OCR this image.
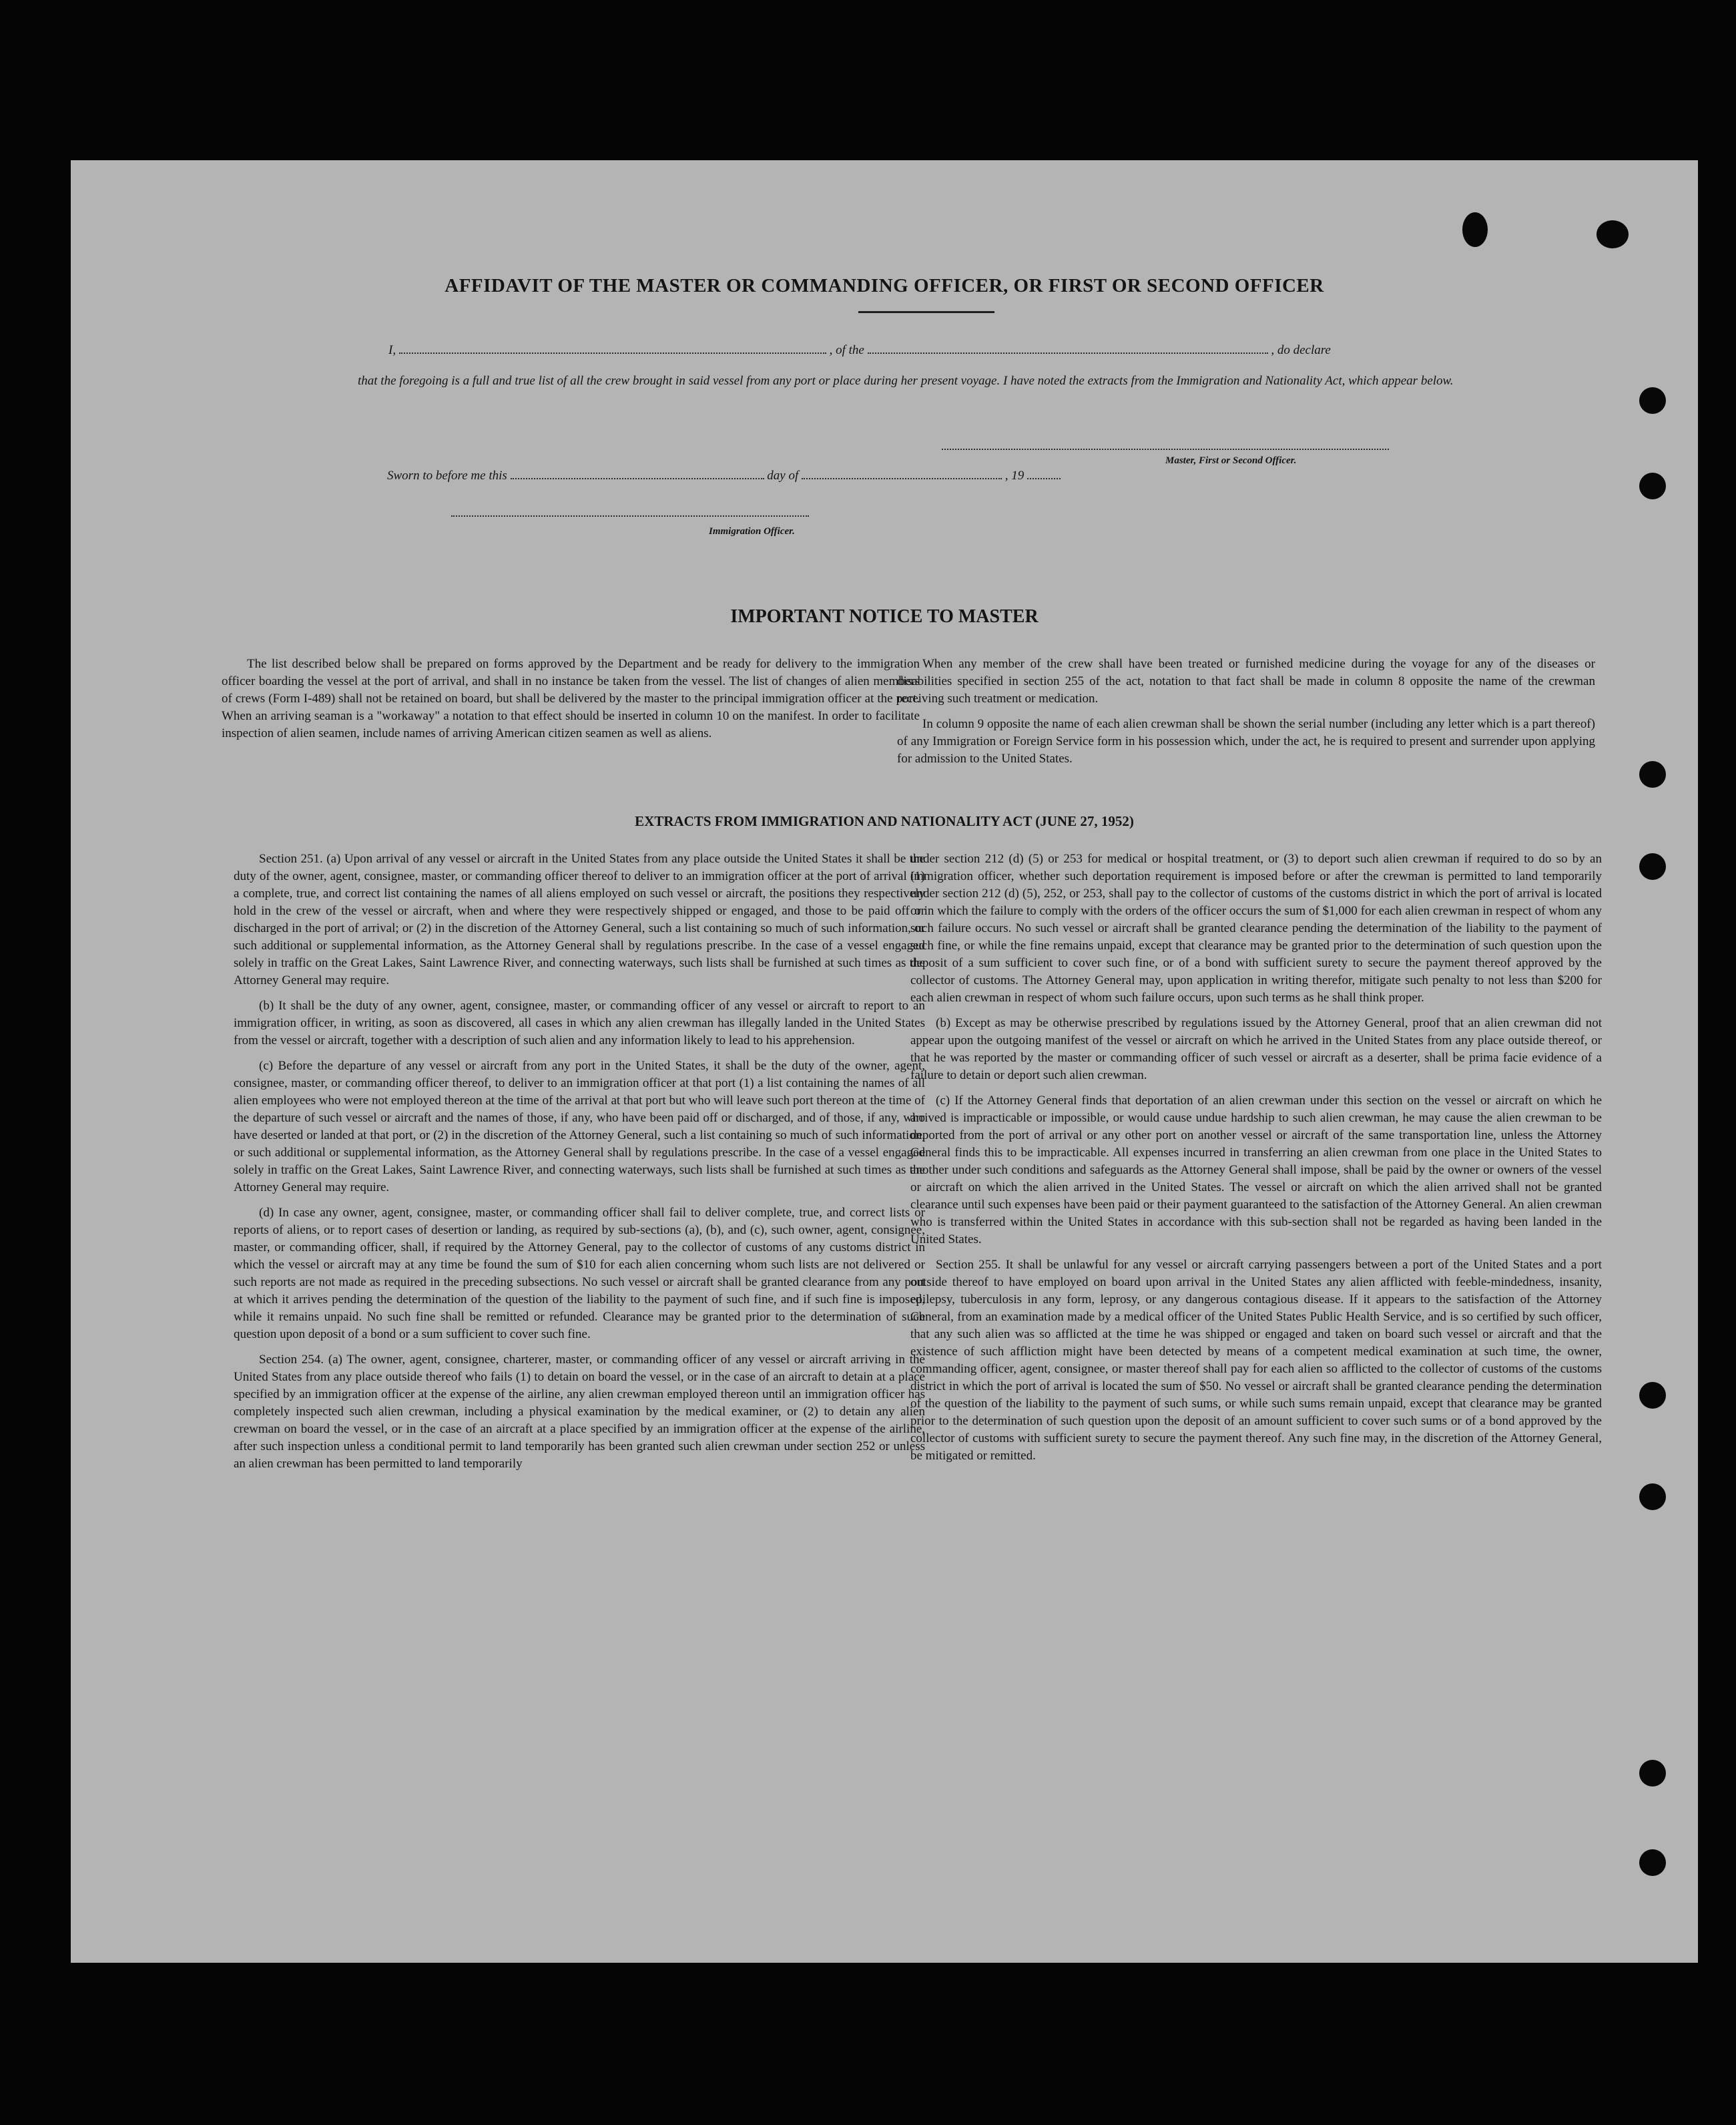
AFFIDAVIT OF THE MASTER OR COMMANDING OFFICER, OR FIRST OR SECOND OFFICER
I,	, of the	, do declare
that the foregoing is a full and true list of all the crew brought in said vessel from any port or place during her present voyage. I have noted the extracts from the Immigration and Nationality Act, which appear below.
Master, First or Second Officer.
Sworn to before me this	day of	, 19
Immigration Officer.
IMPORTANT NOTICE TO MASTER

The list described below shall be prepared on forms approved by the Department and be ready for delivery to the immigration officer boarding the vessel at the port of arrival, and shall in no instance be taken from the vessel. The list of changes of alien members of crews (Form I-489) shall not be retained on board, but shall be delivered by the master to the principal immigration officer at the port. When an arriving seaman is a "workaway" a notation to that effect should be inserted in column 10 on the manifest. In order to facilitate inspection of alien seamen, include names of arriving American citizen seamen as well as aliens.

When any member of the crew shall have been treated or furnished medicine during the voyage for any of the diseases or disabilities specified in section 255 of the act, notation to that fact shall be made in column 8 opposite the name of the crewman receiving such treatment or medication.

In column 9 opposite the name of each alien crewman shall be shown the serial number (including any letter which is a part thereof) of any Immigration or Foreign Service form in his possession which, under the act, he is required to present and surrender upon applying for admission to the United States.

EXTRACTS FROM IMMIGRATION AND NATIONALITY ACT (JUNE 27, 1952)

Section 251. (a) Upon arrival of any vessel or aircraft in the United States from any place outside the United States it shall be the duty of the owner, agent, consignee, master, or commanding officer thereof to deliver to an immigration officer at the port of arrival (1) a complete, true, and correct list containing the names of all aliens employed on such vessel or aircraft, the positions they respectively hold in the crew of the vessel or aircraft, when and where they were respectively shipped or engaged, and those to be paid off or discharged in the port of arrival; or (2) in the discretion of the Attorney General, such a list containing so much of such information, or such additional or supplemental information, as the Attorney General shall by regulations prescribe. In the case of a vessel engaged solely in traffic on the Great Lakes, Saint Lawrence River, and connecting waterways, such lists shall be furnished at such times as the Attorney General may require.

(b) It shall be the duty of any owner, agent, consignee, master, or commanding officer of any vessel or aircraft to report to an immigration officer, in writing, as soon as discovered, all cases in which any alien crewman has illegally landed in the United States from the vessel or aircraft, together with a description of such alien and any information likely to lead to his apprehension.

(c) Before the departure of any vessel or aircraft from any port in the United States, it shall be the duty of the owner, agent, consignee, master, or commanding officer thereof, to deliver to an immigration officer at that port (1) a list containing the names of all alien employees who were not employed thereon at the time of the arrival at that port but who will leave such port thereon at the time of the departure of such vessel or aircraft and the names of those, if any, who have been paid off or discharged, and of those, if any, who have deserted or landed at that port, or (2) in the discretion of the Attorney General, such a list containing so much of such information, or such additional or supplemental information, as the Attorney General shall by regulations prescribe. In the case of a vessel engaged solely in traffic on the Great Lakes, Saint Lawrence River, and connecting waterways, such lists shall be furnished at such times as the Attorney General may require.

(d) In case any owner, agent, consignee, master, or commanding officer shall fail to deliver complete, true, and correct lists or reports of aliens, or to report cases of desertion or landing, as required by sub-sections (a), (b), and (c), such owner, agent, consignee, master, or commanding officer, shall, if required by the Attorney General, pay to the collector of customs of any customs district in which the vessel or aircraft may at any time be found the sum of $10 for each alien concerning whom such lists are not delivered or such reports are not made as required in the preceding subsections. No such vessel or aircraft shall be granted clearance from any port at which it arrives pending the determination of the question of the liability to the payment of such fine, and if such fine is imposed, while it remains unpaid. No such fine shall be remitted or refunded. Clearance may be granted prior to the determination of such question upon deposit of a bond or a sum sufficient to cover such fine.

Section 254. (a) The owner, agent, consignee, charterer, master, or commanding officer of any vessel or aircraft arriving in the United States from any place outside thereof who fails (1) to detain on board the vessel, or in the case of an aircraft to detain at a place specified by an immigration officer at the expense of the airline, any alien crewman employed thereon until an immigration officer has completely inspected such alien crewman, including a physical examination by the medical examiner, or (2) to detain any alien crewman on board the vessel, or in the case of an aircraft at a place specified by an immigration officer at the expense of the airline, after such inspection unless a conditional permit to land temporarily has been granted such alien crewman under section 252 or unless an alien crewman has been permitted to land temporarily

under section 212 (d) (5) or 253 for medical or hospital treatment, or (3) to deport such alien crewman if required to do so by an immigration officer, whether such deportation requirement is imposed before or after the crewman is permitted to land temporarily under section 212 (d) (5), 252, or 253, shall pay to the collector of customs of the customs district in which the port of arrival is located or in which the failure to comply with the orders of the officer occurs the sum of $1,000 for each alien crewman in respect of whom any such failure occurs. No such vessel or aircraft shall be granted clearance pending the determination of the liability to the payment of such fine, or while the fine remains unpaid, except that clearance may be granted prior to the determination of such question upon the deposit of a sum sufficient to cover such fine, or of a bond with sufficient surety to secure the payment thereof approved by the collector of customs. The Attorney General may, upon application in writing therefor, mitigate such penalty to not less than $200 for each alien crewman in respect of whom such failure occurs, upon such terms as he shall think proper.

(b) Except as may be otherwise prescribed by regulations issued by the Attorney General, proof that an alien crewman did not appear upon the outgoing manifest of the vessel or aircraft on which he arrived in the United States from any place outside thereof, or that he was reported by the master or commanding officer of such vessel or aircraft as a deserter, shall be prima facie evidence of a failure to detain or deport such alien crewman.

(c) If the Attorney General finds that deportation of an alien crewman under this section on the vessel or aircraft on which he arrived is impracticable or impossible, or would cause undue hardship to such alien crewman, he may cause the alien crewman to be deported from the port of arrival or any other port on another vessel or aircraft of the same transportation line, unless the Attorney General finds this to be impracticable. All expenses incurred in transferring an alien crewman from one place in the United States to another under such conditions and safeguards as the Attorney General shall impose, shall be paid by the owner or owners of the vessel or aircraft on which the alien arrived in the United States. The vessel or aircraft on which the alien arrived shall not be granted clearance until such expenses have been paid or their payment guaranteed to the satisfaction of the Attorney General. An alien crewman who is transferred within the United States in accordance with this sub-section shall not be regarded as having been landed in the United States.

Section 255. It shall be unlawful for any vessel or aircraft carrying passengers between a port of the United States and a port outside thereof to have employed on board upon arrival in the United States any alien afflicted with feeble-mindedness, insanity, epilepsy, tuberculosis in any form, leprosy, or any dangerous contagious disease. If it appears to the satisfaction of the Attorney General, from an examination made by a medical officer of the United States Public Health Service, and is so certified by such officer, that any such alien was so afflicted at the time he was shipped or engaged and taken on board such vessel or aircraft and that the existence of such affliction might have been detected by means of a competent medical examination at such time, the owner, commanding officer, agent, consignee, or master thereof shall pay for each alien so afflicted to the collector of customs of the customs district in which the port of arrival is located the sum of $50. No vessel or aircraft shall be granted clearance pending the determination of the question of the liability to the payment of such sums, or while such sums remain unpaid, except that clearance may be granted prior to the determination of such question upon the deposit of an amount sufficient to cover such sums or of a bond approved by the collector of customs with sufficient surety to secure the payment thereof. Any such fine may, in the discretion of the Attorney General, be mitigated or remitted.
